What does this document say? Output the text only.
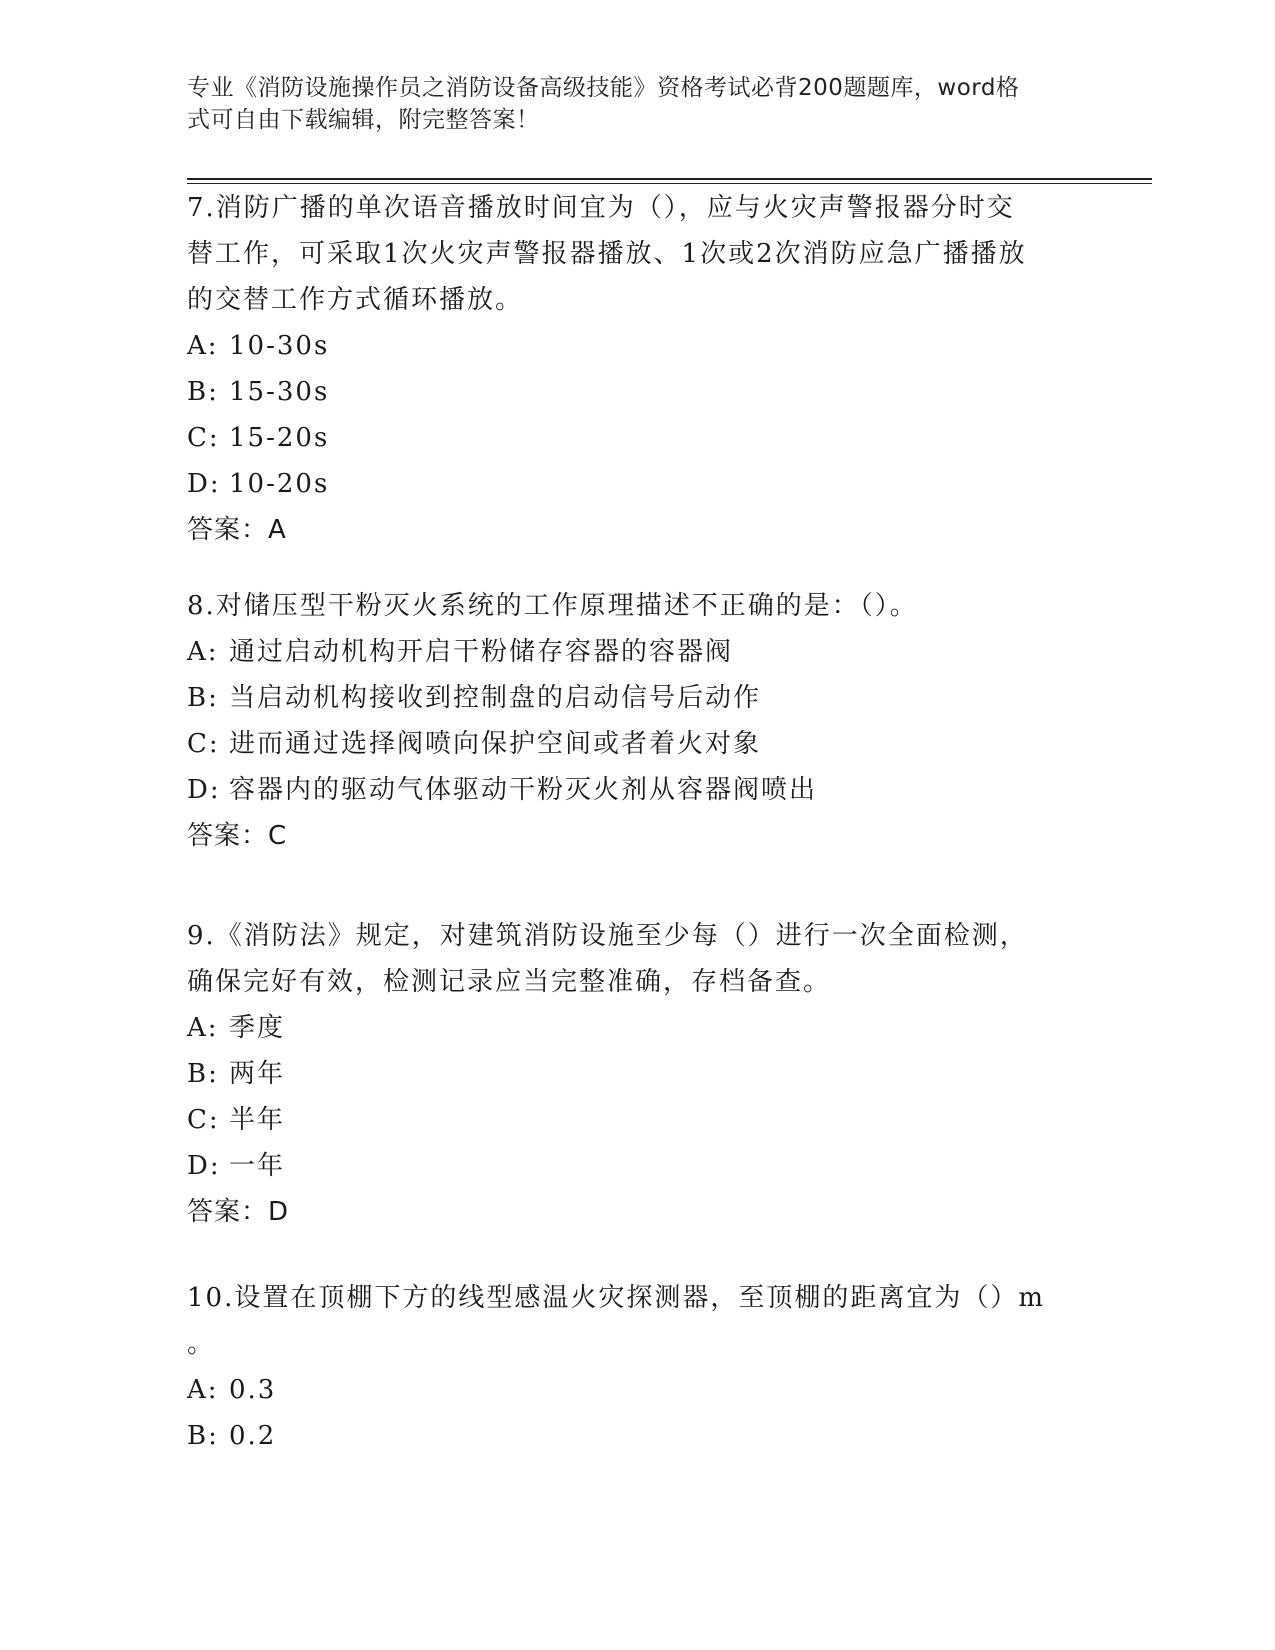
专业《消防设施操作员之消防设备高级技能》资格考试必背200题题库，word格
式可自由下载编辑，附完整答案！

7.消防广播的单次语音播放时间宜为（），应与火灾声警报器分时交

替工作，可采取1次火灾声警报器播放、1次或2次消防应急广播播放

的交替工作方式循环播放。

A: 10-30s

B: 15-30s

C: 15-20s

D: 10-20s

答案：A

8.对储压型干粉灭火系统的工作原理描述不正确的是：（）。

A: 通过启动机构开启干粉储存容器的容器阀

B: 当启动机构接收到控制盘的启动信号后动作

C: 进而通过选择阀喷向保护空间或者着火对象

D: 容器内的驱动气体驱动干粉灭火剂从容器阀喷出

答案：C

9.《消防法》规定，对建筑消防设施至少每（）进行一次全面检测，

确保完好有效，检测记录应当完整准确，存档备查。

A: 季度

B: 两年

C: 半年

D: 一年

答案：D

10.设置在顶棚下方的线型感温火灾探测器，至顶棚的距离宜为（）m

。

A: 0.3

B: 0.2
